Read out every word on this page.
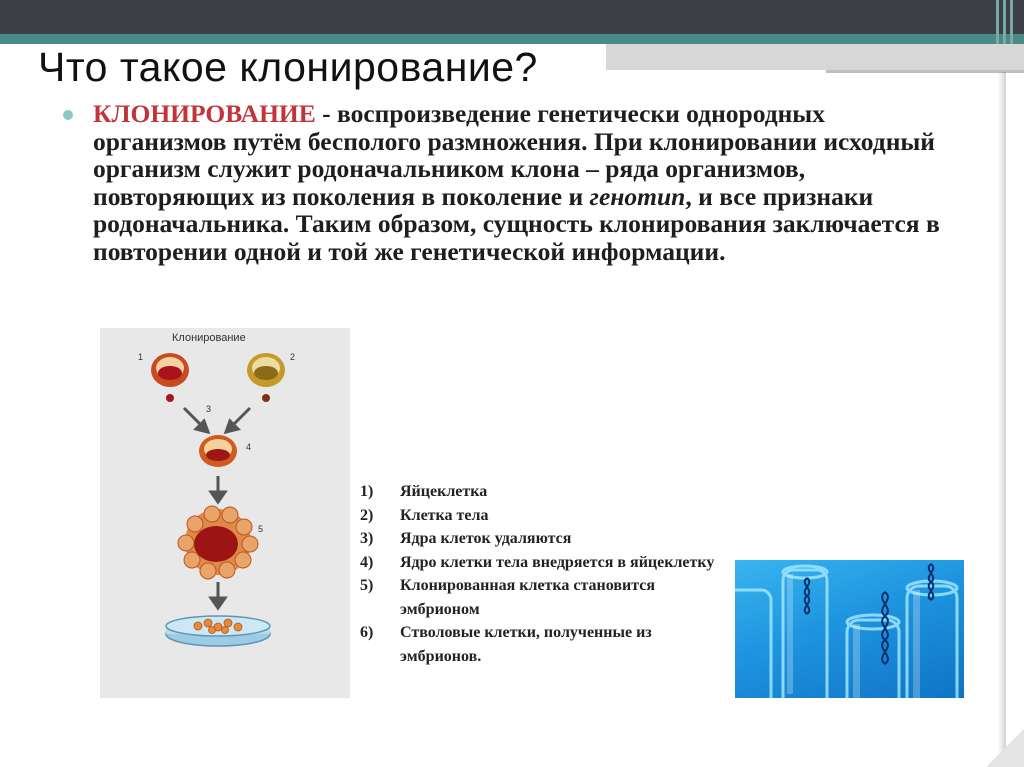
Что такое клонирование?
КЛОНИРОВАНИЕ - воспроизведение генетически однородных организмов путём бесполого размножения. При клонировании исходный организм служит родоначальником клона – ряда организмов, повторяющих из поколения в поколение и генотип, и все признаки родоначальника. Таким образом, сущность клонирования заключается в повторении одной и той же генетической информации.
Клонирование
1	2
3
4
5
1)	Яйцеклетка
2)	Клетка тела
3)	Ядра клеток удаляются
4)	Ядро клетки тела внедряется в яйцеклетку
5)	Клонированная клетка становится эмбрионом
6)	Стволовые клетки, полученные из эмбрионов.
